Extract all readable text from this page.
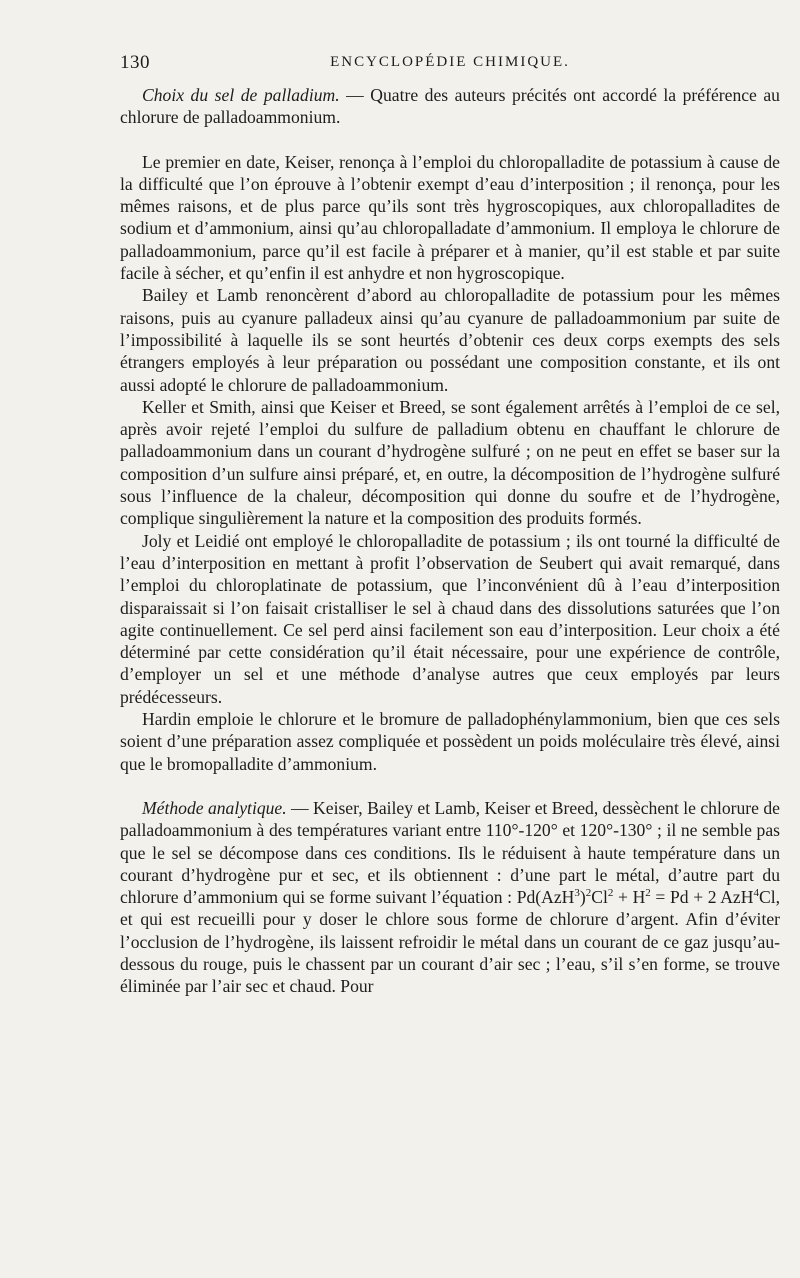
130	ENCYCLOPÉDIE CHIMIQUE.

Choix du sel de palladium. — Quatre des auteurs précités ont accordé la préférence au chlorure de palladoammonium.

Le premier en date, Keiser, renonça à l’emploi du chloropalladite de potassium à cause de la difficulté que l’on éprouve à l’obtenir exempt d’eau d’interposition ; il renonça, pour les mêmes raisons, et de plus parce qu’ils sont très hygroscopiques, aux chloropalladites de sodium et d’ammonium, ainsi qu’au chloropalladate d’ammonium. Il employa le chlorure de palladoammonium, parce qu’il est facile à préparer et à manier, qu’il est stable et par suite facile à sécher, et qu’enfin il est anhydre et non hygroscopique.

Bailey et Lamb renoncèrent d’abord au chloropalladite de potassium pour les mêmes raisons, puis au cyanure palladeux ainsi qu’au cyanure de palladoammonium par suite de l’impossibilité à laquelle ils se sont heurtés d’obtenir ces deux corps exempts des sels étrangers employés à leur préparation ou possédant une composition constante, et ils ont aussi adopté le chlorure de palladoammonium.

Keller et Smith, ainsi que Keiser et Breed, se sont également arrêtés à l’emploi de ce sel, après avoir rejeté l’emploi du sulfure de palladium obtenu en chauffant le chlorure de palladoammonium dans un courant d’hydrogène sulfuré ; on ne peut en effet se baser sur la composition d’un sulfure ainsi préparé, et, en outre, la décomposition de l’hydrogène sulfuré sous l’influence de la chaleur, décomposition qui donne du soufre et de l’hydrogène, complique singulièrement la nature et la composition des produits formés.

Joly et Leidié ont employé le chloropalladite de potassium ; ils ont tourné la difficulté de l’eau d’interposition en mettant à profit l’observation de Seubert qui avait remarqué, dans l’emploi du chloroplatinate de potassium, que l’inconvénient dû à l’eau d’interposition disparaissait si l’on faisait cristalliser le sel à chaud dans des dissolutions saturées que l’on agite continuellement. Ce sel perd ainsi facilement son eau d’interposition. Leur choix a été déterminé par cette considération qu’il était nécessaire, pour une expérience de contrôle, d’employer un sel et une méthode d’analyse autres que ceux employés par leurs prédécesseurs.

Hardin emploie le chlorure et le bromure de palladophénylammonium, bien que ces sels soient d’une préparation assez compliquée et possèdent un poids moléculaire très élevé, ainsi que le bromopalladite d’ammonium.

Méthode analytique. — Keiser, Bailey et Lamb, Keiser et Breed, dessèchent le chlorure de palladoammonium à des températures variant entre 110°-120° et 120°-130° ; il ne semble pas que le sel se décompose dans ces conditions. Ils le réduisent à haute température dans un courant d’hydrogène pur et sec, et ils obtiennent : d’une part le métal, d’autre part du chlorure d’ammonium qui se forme suivant l’équation : $Pd(AzH^3)^2Cl^2 + H^2 = Pd + 2$ AzH$^4$Cl, et qui est recueilli pour y doser le chlore sous forme de chlorure d’argent. Afin d’éviter l’occlusion de l’hydrogène, ils laissent refroidir le métal dans un courant de ce gaz jusqu’au-dessous du rouge, puis le chassent par un courant d’air sec ; l’eau, s’il s’en forme, se trouve éliminée par l’air sec et chaud. Pour
